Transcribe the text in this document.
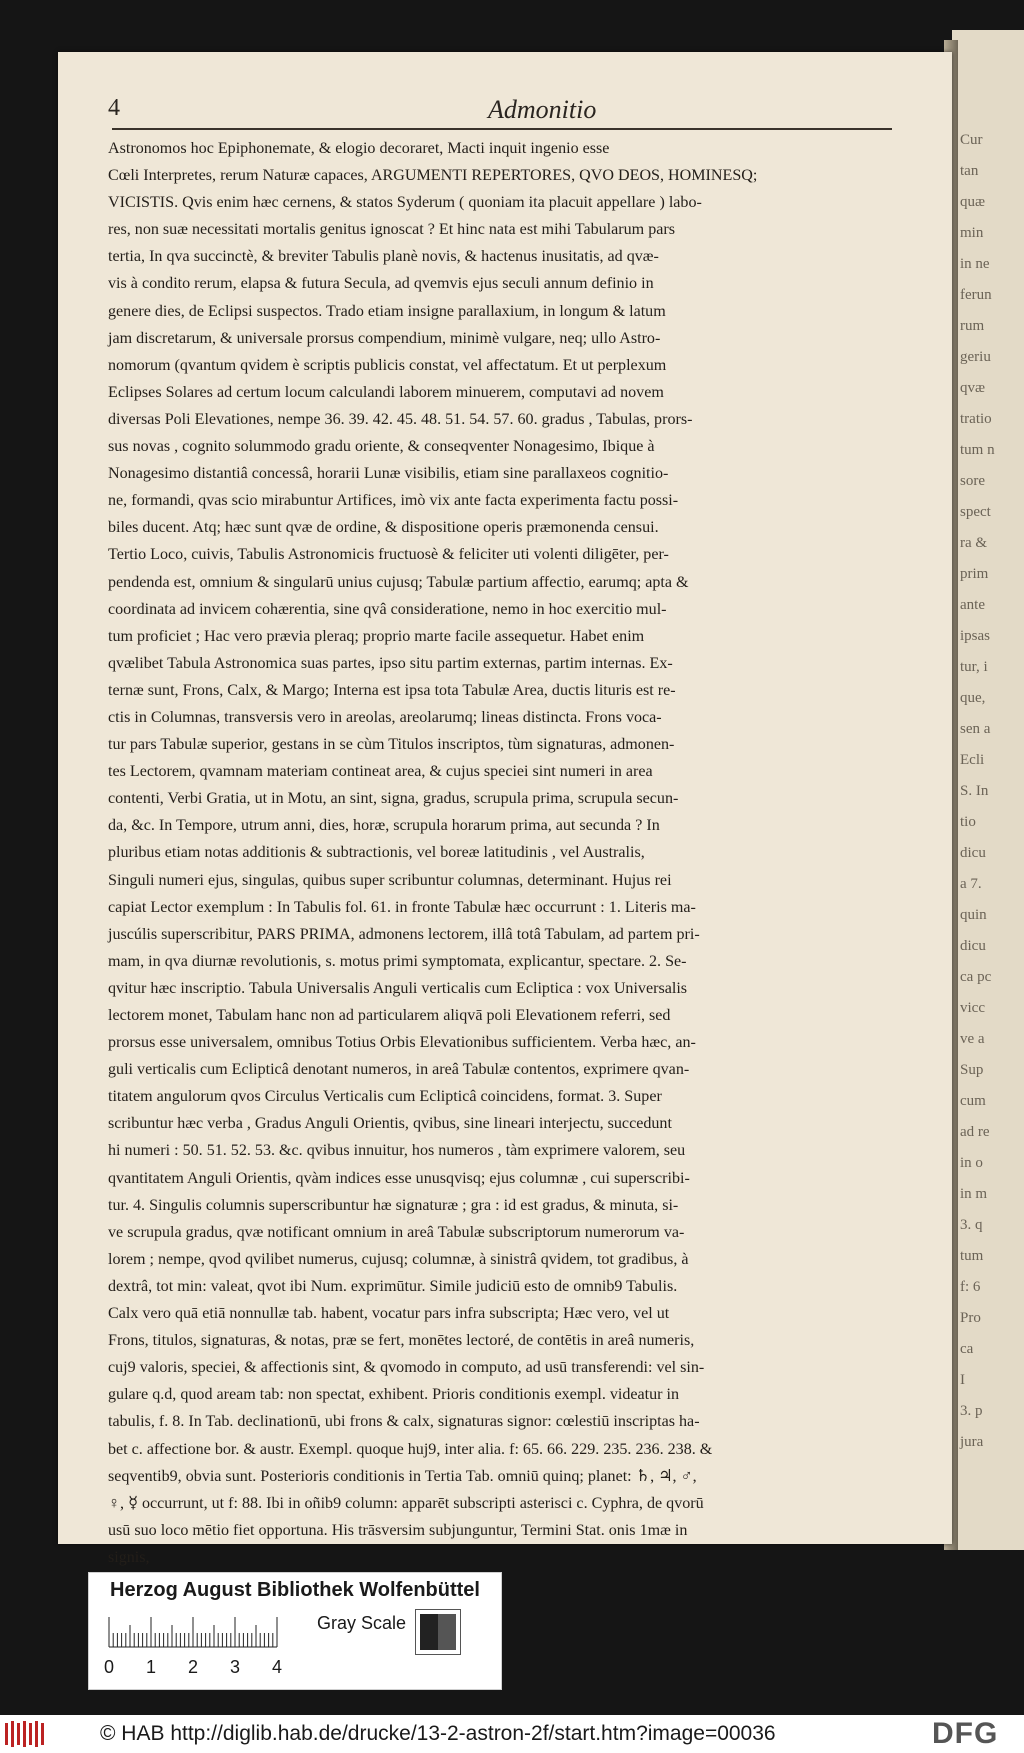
Cur
tan
quæ
min
in ne
ferun
rum
geriu
qvæ
tratio
tum n
sore
spect
ra &
prim
ante
ipsas
tur, i
que,
sen a
Ecli
S. In
tio
dicu
a 7.
quin
dicu
ca pc
vicc
ve a
Sup
cum
ad re
in o
in m
3. q
tum
f: 6
Pro
ca
I
3. p
jura
4	Admonitio
Astronomos hoc Epiphonemate, & elogio decoraret, Macti inquit ingenio esse
Cœli Interpretes, rerum Naturæ capaces, ARGUMENTI REPERTORES, QVO DEOS, HOMINESQ;
VICISTIS. Qvis enim hæc cernens, & statos Syderum ( quoniam ita placuit appellare ) labo-
res, non suæ necessitati mortalis genitus ignoscat ? Et hinc nata est mihi Tabularum pars
tertia, In qva succinctè, & breviter Tabulis planè novis, & hactenus inusitatis, ad qvæ-
vis à condito rerum, elapsa & futura Secula, ad qvemvis ejus seculi annum definio in
genere dies, de Eclipsi suspectos. Trado etiam insigne parallaxium, in longum & latum
jam discretarum, & universale prorsus compendium, minimè vulgare, neq; ullo Astro-
nomorum (qvantum qvidem è scriptis publicis constat, vel affectatum. Et ut perplexum
Eclipses Solares ad certum locum calculandi laborem minuerem, computavi ad novem
diversas Poli Elevationes, nempe 36. 39. 42. 45. 48. 51. 54. 57. 60. gradus , Tabulas, prors-
sus novas , cognito solummodo gradu oriente, & conseqventer Nonagesimo, Ibique à
Nonagesimo distantiâ concessâ, horarii Lunæ visibilis, etiam sine parallaxeos cognitio-
ne, formandi, qvas scio mirabuntur Artifices, imò vix ante facta experimenta factu possi-
biles ducent. Atq; hæc sunt qvæ de ordine, & dispositione operis præmonenda censui.
Tertio Loco, cuivis, Tabulis Astronomicis fructuosè & feliciter uti volenti diligēter, per-
pendenda est, omnium & singularū unius cujusq; Tabulæ partium affectio, earumq; apta &
coordinata ad invicem cohærentia, sine qvâ consideratione, nemo in hoc exercitio mul-
tum proficiet ; Hac vero prævia pleraq; proprio marte facile assequetur. Habet enim
qvælibet Tabula Astronomica suas partes, ipso situ partim externas, partim internas. Ex-
ternæ sunt, Frons, Calx, & Margo; Interna est ipsa tota Tabulæ Area, ductis lituris est re-
ctis in Columnas, transversis vero in areolas, areolarumq; lineas distincta. Frons voca-
tur pars Tabulæ superior, gestans in se cùm Titulos inscriptos, tùm signaturas, admonen-
tes Lectorem, qvamnam materiam contineat area, & cujus speciei sint numeri in area
contenti, Verbi Gratia, ut in Motu, an sint, signa, gradus, scrupula prima, scrupula secun-
da, &c. In Tempore, utrum anni, dies, horæ, scrupula horarum prima, aut secunda ? In
pluribus etiam notas additionis & subtractionis, vel boreæ latitudinis , vel Australis,
Singuli numeri ejus, singulas, quibus super scribuntur columnas, determinant. Hujus rei
capiat Lector exemplum : In Tabulis fol. 61. in fronte Tabulæ hæc occurrunt : 1. Literis ma-
juscúlis superscribitur, PARS PRIMA, admonens lectorem, illâ totâ Tabulam, ad partem pri-
mam, in qva diurnæ revolutionis, s. motus primi symptomata, explicantur, spectare. 2. Se-
qvitur hæc inscriptio. Tabula Universalis Anguli verticalis cum Ecliptica : vox Universalis
lectorem monet, Tabulam hanc non ad particularem aliqvā poli Elevationem referri, sed
prorsus esse universalem, omnibus Totius Orbis Elevationibus sufficientem. Verba hæc, an-
guli verticalis cum Eclipticâ denotant numeros, in areâ Tabulæ contentos, exprimere qvan-
titatem angulorum qvos Circulus Verticalis cum Eclipticâ coincidens, format. 3. Super
scribuntur hæc verba , Gradus Anguli Orientis, qvibus, sine lineari interjectu, succedunt
hi numeri : 50. 51. 52. 53. &c. qvibus innuitur, hos numeros , tàm exprimere valorem, seu
qvantitatem Anguli Orientis, qvàm indices esse unusqvisq; ejus columnæ , cui superscribi-
tur. 4. Singulis columnis superscribuntur hæ signaturæ ; gra : id est gradus, & minuta, si-
ve scrupula gradus, qvæ notificant omnium in areâ Tabulæ subscriptorum numerorum va-
lorem ; nempe, qvod qvilibet numerus, cujusq; columnæ, à sinistrâ qvidem, tot gradibus, à
dextrâ, tot min: valeat, qvot ibi Num. exprimūtur. Simile judiciū esto de omnib9 Tabulis.
Calx vero quā etiā nonnullæ tab. habent, vocatur pars infra subscripta; Hæc vero, vel ut
Frons, titulos, signaturas, & notas, præ se fert, monētes lectoré, de contētis in areâ numeris,
cuj9 valoris, speciei, & affectionis sint, & qvomodo in computo, ad usū transferendi: vel sin-
gulare q.d, quod aream tab: non spectat, exhibent. Prioris conditionis exempl. videatur in
tabulis, f. 8. In Tab. declinationū, ubi frons & calx, signaturas signor: cœlestiū inscriptas ha-
bet c. affectione bor. & austr. Exempl. quoque huj9, inter alia. f: 65. 66. 229. 235. 236. 238. &
seqventib9, obvia sunt. Posterioris conditionis in Tertia Tab. omniū quinq; planet: ♄, ♃, ♂,
♀, ☿ occurrunt, ut f: 88. Ibi in oñib9 column: apparēt subscripti asterisci c. Cyphra, de qvorū
usū suo loco mētio fiet opportuna. His trāsversim subjunguntur, Termini Stat. onis 1mæ in
signis,
Herzog August Bibliothek Wolfenbüttel
0 1 2 3 4
Gray Scale
© HAB http://diglib.hab.de/drucke/13-2-astron-2f/start.htm?image=00036	DFG
